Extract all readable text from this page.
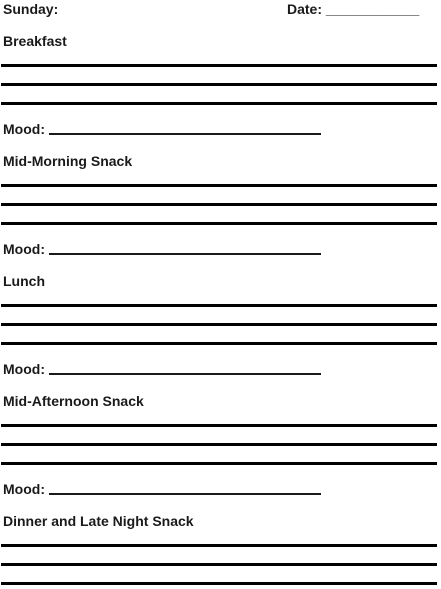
Sunday:	Date: ____________
Breakfast
Mood:
Mid-Morning Snack
Mood:
Lunch
Mood:
Mid-Afternoon Snack
Mood:
Dinner and Late Night Snack
